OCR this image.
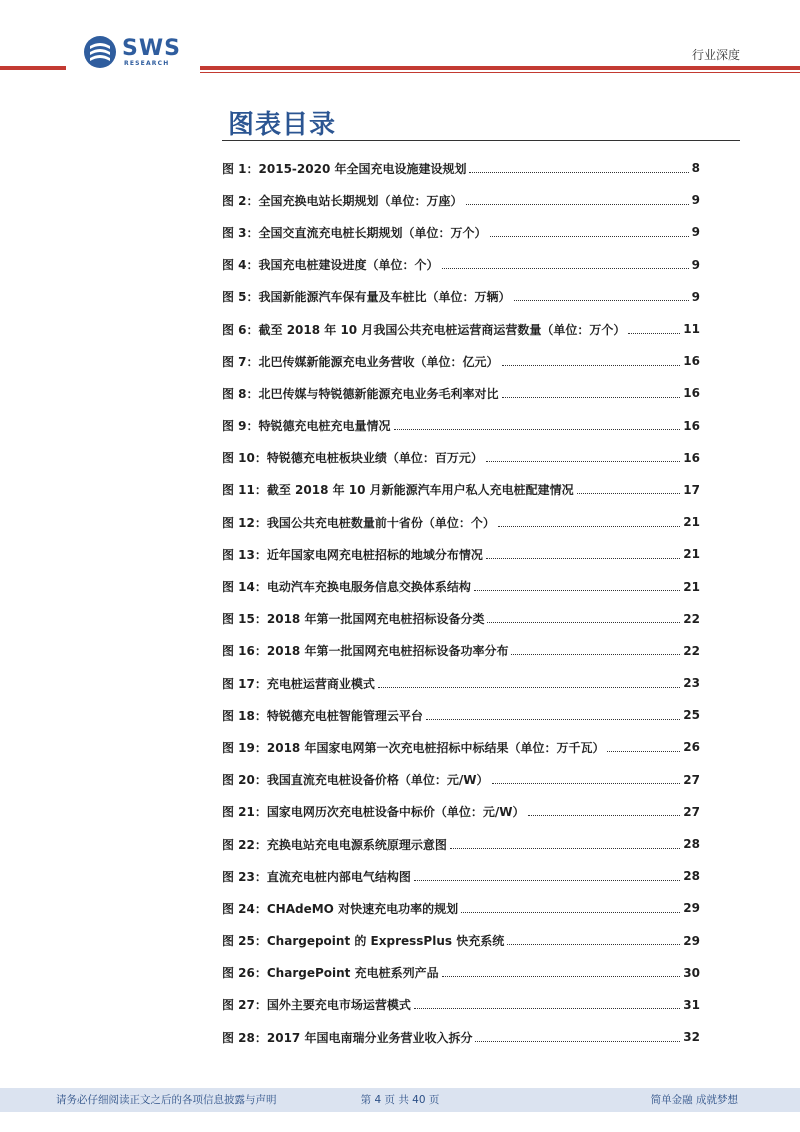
SWS
RESEARCH
行业深度
图表目录
图 1：2015-2020 年全国充电设施建设规划	8
图 2：全国充换电站长期规划（单位：万座）	9
图 3：全国交直流充电桩长期规划（单位：万个）	9
图 4：我国充电桩建设进度（单位：个）	9
图 5：我国新能源汽车保有量及车桩比（单位：万辆）	9
图 6：截至 2018 年 10 月我国公共充电桩运营商运营数量（单位：万个）	11
图 7：北巴传媒新能源充电业务营收（单位：亿元）	16
图 8：北巴传媒与特锐德新能源充电业务毛利率对比	16
图 9：特锐德充电桩充电量情况	16
图 10：特锐德充电桩板块业绩（单位：百万元）	16
图 11：截至 2018 年 10 月新能源汽车用户私人充电桩配建情况	17
图 12：我国公共充电桩数量前十省份（单位：个）	21
图 13：近年国家电网充电桩招标的地域分布情况	21
图 14：电动汽车充换电服务信息交换体系结构	21
图 15：2018 年第一批国网充电桩招标设备分类	22
图 16：2018 年第一批国网充电桩招标设备功率分布	22
图 17：充电桩运营商业模式	23
图 18：特锐德充电桩智能管理云平台	25
图 19：2018 年国家电网第一次充电桩招标中标结果（单位：万千瓦）	26
图 20：我国直流充电桩设备价格（单位：元/W）	27
图 21：国家电网历次充电桩设备中标价（单位：元/W）	27
图 22：充换电站充电电源系统原理示意图	28
图 23：直流充电桩内部电气结构图	28
图 24：CHAdeMO 对快速充电功率的规划	29
图 25：Chargepoint 的 ExpressPlus 快充系统	29
图 26：ChargePoint 充电桩系列产品	30
图 27：国外主要充电市场运营模式	31
图 28：2017 年国电南瑞分业务营业收入拆分	32
请务必仔细阅读正文之后的各项信息披露与声明	第 4 页 共 40 页	简单金融 成就梦想
